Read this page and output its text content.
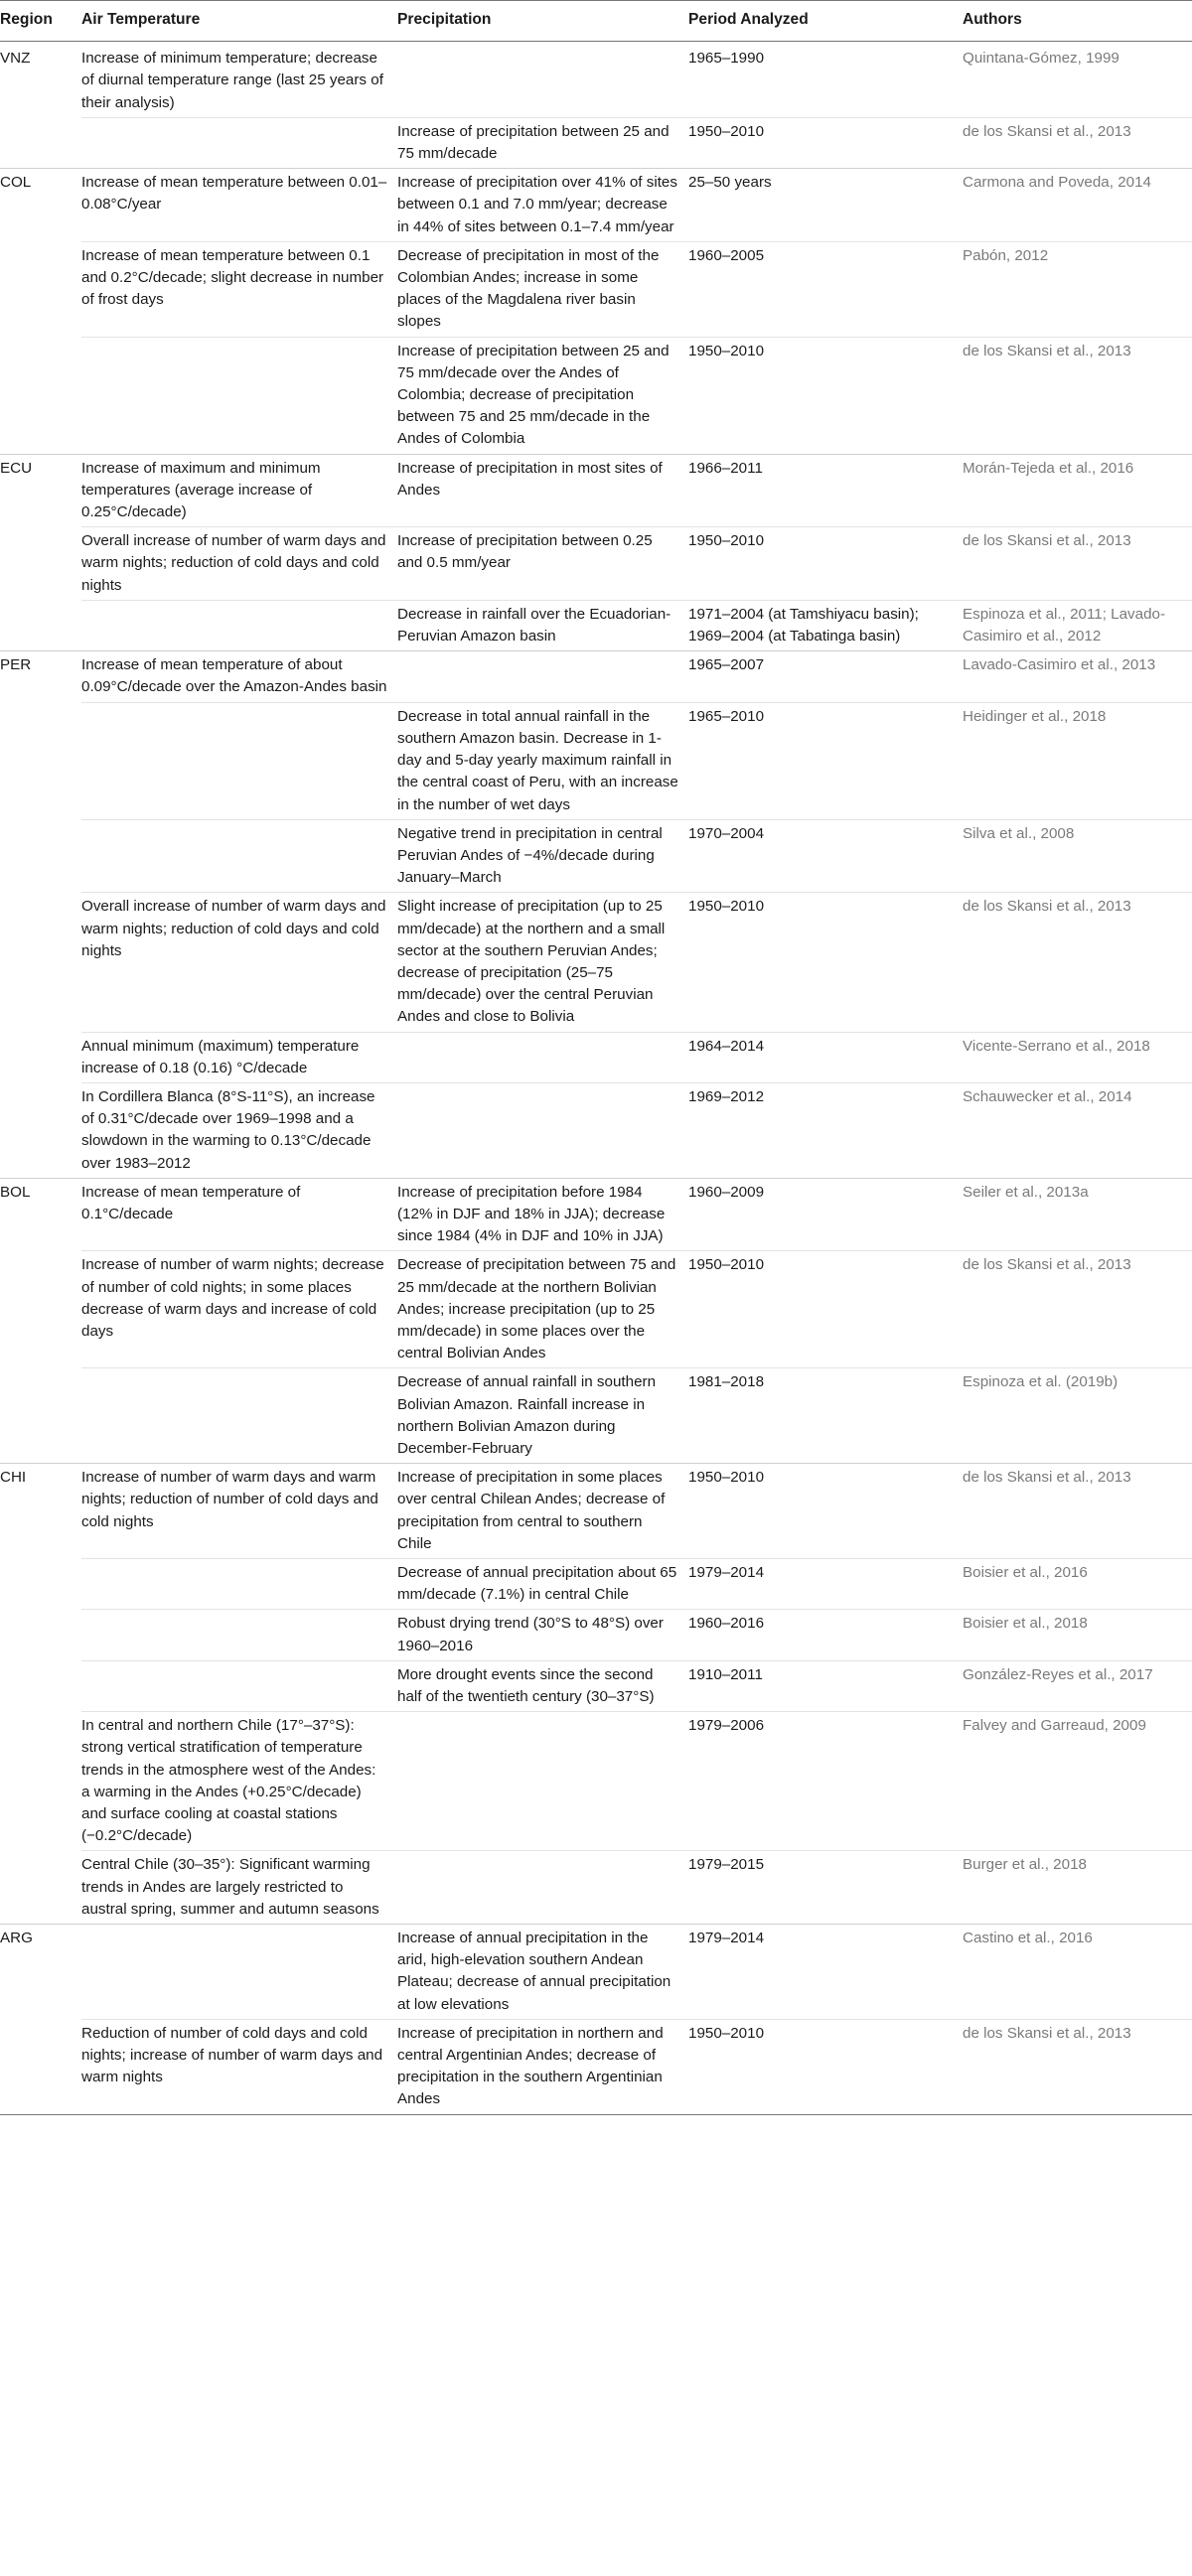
Region	Air Temperature	Precipitation	Period Analyzed	Authors
VNZ	Increase of minimum temperature; decrease of diurnal temperature range (last 25 years of their analysis)		1965–1990	Quintana-Gómez, 1999
		Increase of precipitation between 25 and 75 mm/decade	1950–2010	de los Skansi et al., 2013
COL	Increase of mean temperature between 0.01–0.08°C/year	Increase of precipitation over 41% of sites between 0.1 and 7.0 mm/year; decrease in 44% of sites between 0.1–7.4 mm/year	25–50 years	Carmona and Poveda, 2014
	Increase of mean temperature between 0.1 and 0.2°C/decade; slight decrease in number of frost days	Decrease of precipitation in most of the Colombian Andes; increase in some places of the Magdalena river basin slopes	1960–2005	Pabón, 2012
		Increase of precipitation between 25 and 75 mm/decade over the Andes of Colombia; decrease of precipitation between 75 and 25 mm/decade in the Andes of Colombia	1950–2010	de los Skansi et al., 2013
ECU	Increase of maximum and minimum temperatures (average increase of 0.25°C/decade)	Increase of precipitation in most sites of Andes	1966–2011	Morán-Tejeda et al., 2016
	Overall increase of number of warm days and warm nights; reduction of cold days and cold nights	Increase of precipitation between 0.25 and 0.5 mm/year	1950–2010	de los Skansi et al., 2013
		Decrease in rainfall over the Ecuadorian-Peruvian Amazon basin	1971–2004 (at Tamshiyacu basin); 1969–2004 (at Tabatinga basin)	Espinoza et al., 2011; Lavado-Casimiro et al., 2012
PER	Increase of mean temperature of about 0.09°C/decade over the Amazon-Andes basin		1965–2007	Lavado-Casimiro et al., 2013
		Decrease in total annual rainfall in the southern Amazon basin. Decrease in 1-day and 5-day yearly maximum rainfall in the central coast of Peru, with an increase in the number of wet days	1965–2010	Heidinger et al., 2018
		Negative trend in precipitation in central Peruvian Andes of −4%/decade during January–March	1970–2004	Silva et al., 2008
	Overall increase of number of warm days and warm nights; reduction of cold days and cold nights	Slight increase of precipitation (up to 25 mm/decade) at the northern and a small sector at the southern Peruvian Andes; decrease of precipitation (25–75 mm/decade) over the central Peruvian Andes and close to Bolivia	1950–2010	de los Skansi et al., 2013
	Annual minimum (maximum) temperature increase of 0.18 (0.16) °C/decade		1964–2014	Vicente-Serrano et al., 2018
	In Cordillera Blanca (8°S-11°S), an increase of 0.31°C/decade over 1969–1998 and a slowdown in the warming to 0.13°C/decade over 1983–2012		1969–2012	Schauwecker et al., 2014
BOL	Increase of mean temperature of 0.1°C/decade	Increase of precipitation before 1984 (12% in DJF and 18% in JJA); decrease since 1984 (4% in DJF and 10% in JJA)	1960–2009	Seiler et al., 2013a
	Increase of number of warm nights; decrease of number of cold nights; in some places decrease of warm days and increase of cold days	Decrease of precipitation between 75 and 25 mm/decade at the northern Bolivian Andes; increase precipitation (up to 25 mm/decade) in some places over the central Bolivian Andes	1950–2010	de los Skansi et al., 2013
		Decrease of annual rainfall in southern Bolivian Amazon. Rainfall increase in northern Bolivian Amazon during December-February	1981–2018	Espinoza et al. (2019b)
CHI	Increase of number of warm days and warm nights; reduction of number of cold days and cold nights	Increase of precipitation in some places over central Chilean Andes; decrease of precipitation from central to southern Chile	1950–2010	de los Skansi et al., 2013
		Decrease of annual precipitation about 65 mm/decade (7.1%) in central Chile	1979–2014	Boisier et al., 2016
		Robust drying trend (30°S to 48°S) over 1960–2016	1960–2016	Boisier et al., 2018
		More drought events since the second half of the twentieth century (30–37°S)	1910–2011	González-Reyes et al., 2017
	In central and northern Chile (17°–37°S): strong vertical stratification of temperature trends in the atmosphere west of the Andes: a warming in the Andes (+0.25°C/decade) and surface cooling at coastal stations (−0.2°C/decade)		1979–2006	Falvey and Garreaud, 2009
	Central Chile (30–35°): Significant warming trends in Andes are largely restricted to austral spring, summer and autumn seasons		1979–2015	Burger et al., 2018
ARG		Increase of annual precipitation in the arid, high-elevation southern Andean Plateau; decrease of annual precipitation at low elevations	1979–2014	Castino et al., 2016
	Reduction of number of cold days and cold nights; increase of number of warm days and warm nights	Increase of precipitation in northern and central Argentinian Andes; decrease of precipitation in the southern Argentinian Andes	1950–2010	de los Skansi et al., 2013
